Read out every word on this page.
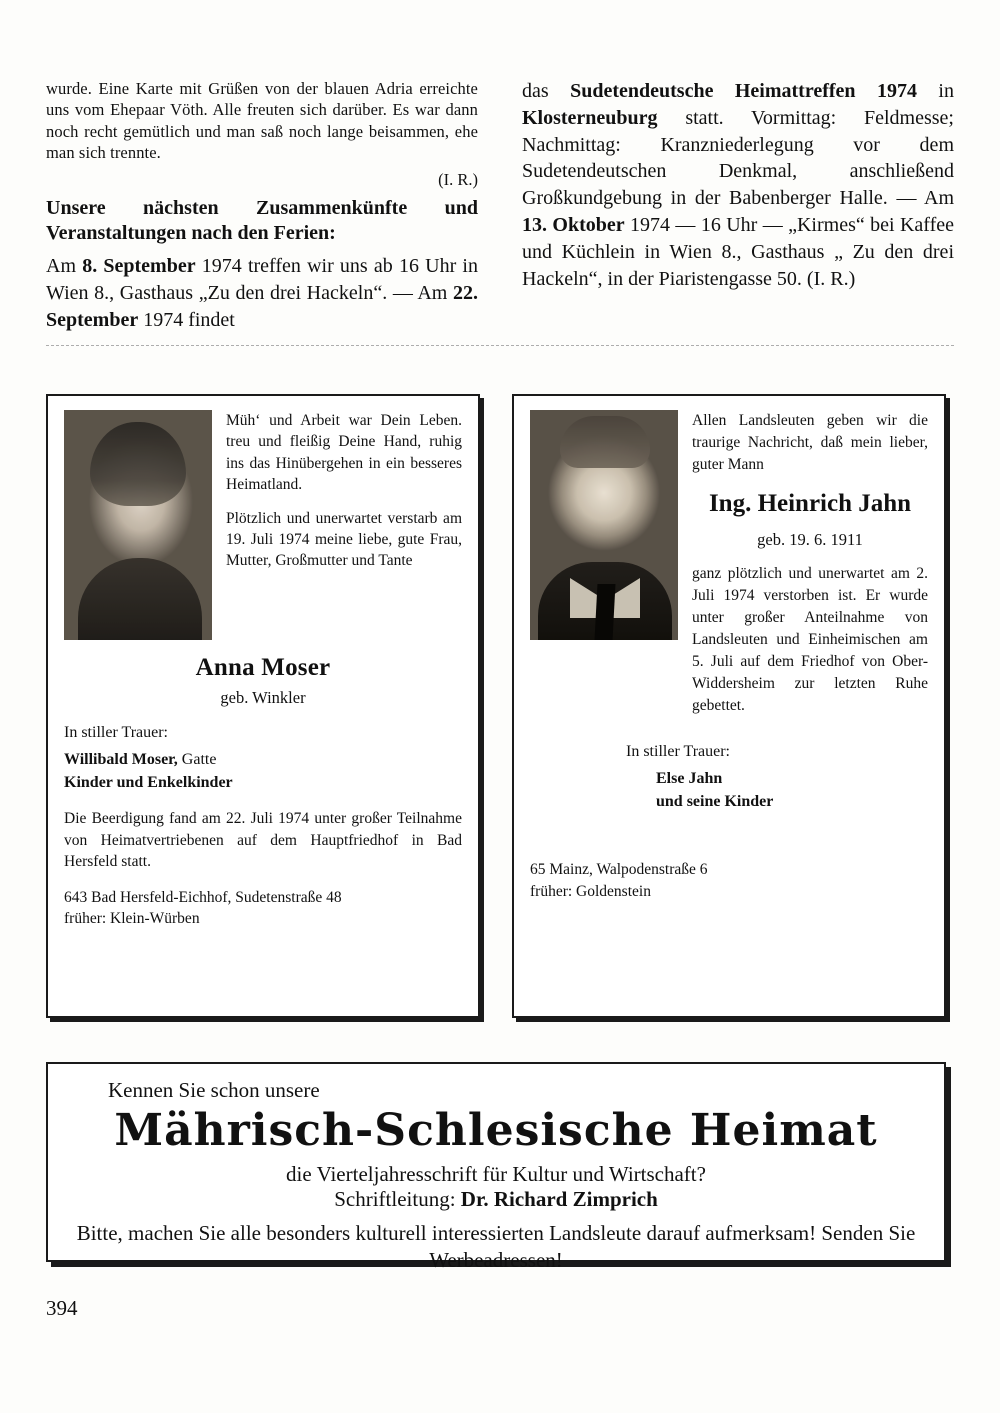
wurde. Eine Karte mit Grüßen von der blauen Adria erreichte uns vom Ehepaar Vöth. Alle freuten sich darüber. Es war dann noch recht gemütlich und man saß noch lange beisammen, ehe man sich trennte.

(I. R.)

Unsere nächsten Zusammenkünfte und Veranstaltungen nach den Ferien:

Am 8. September 1974 treffen wir uns ab 16 Uhr in Wien 8., Gasthaus „Zu den drei Hackeln“. — Am 22. September 1974 findet

das Sudetendeutsche Heimattreffen 1974 in Klosterneuburg statt. Vormittag: Feldmesse; Nachmittag: Kranzniederlegung vor dem Sudetendeutschen Denkmal, anschließend Großkundgebung in der Babenberger Halle. — Am 13. Oktober 1974 — 16 Uhr — „Kirmes“ bei Kaffee und Küchlein in Wien 8., Gasthaus „ Zu den drei Hackeln“, in der Piaristengasse 50. (I. R.)

Müh‘ und Arbeit war Dein Leben. treu und fleißig Deine Hand, ruhig ins das Hinübergehen in ein besseres Heimatland.

Plötzlich und unerwartet verstarb am 19. Juli 1974 meine liebe, gute Frau, Mutter, Großmutter und Tante

Anna Moser
geb. Winkler
In stiller Trauer:

Willibald Moser, Gatte
Kinder und Enkelkinder

Die Beerdigung fand am 22. Juli 1974 unter großer Teilnahme von Heimatvertriebenen auf dem Hauptfriedhof in Bad Hersfeld statt.

643 Bad Hersfeld-Eichhof, Sudetenstraße 48
früher: Klein-Würben

Allen Landsleuten geben wir die traurige Nachricht, daß mein lieber, guter Mann

Ing. Heinrich Jahn
geb. 19. 6. 1911

ganz plötzlich und unerwartet am 2. Juli 1974 verstorben ist. Er wurde unter großer Anteilnahme von Landsleuten und Einheimischen am 5. Juli auf dem Friedhof von Ober-Widdersheim zur letzten Ruhe gebettet.

In stiller Trauer:

Else Jahn
und seine Kinder

65 Mainz, Walpodenstraße 6
früher: Goldenstein

Kennen Sie schon unsere

Mährisch-Schlesische Heimat

die Vierteljahresschrift für Kultur und Wirtschaft?

Schriftleitung: Dr. Richard Zimprich

Bitte, machen Sie alle besonders kulturell interessierten Landsleute darauf aufmerksam! Senden Sie Werbeadressen!

394
